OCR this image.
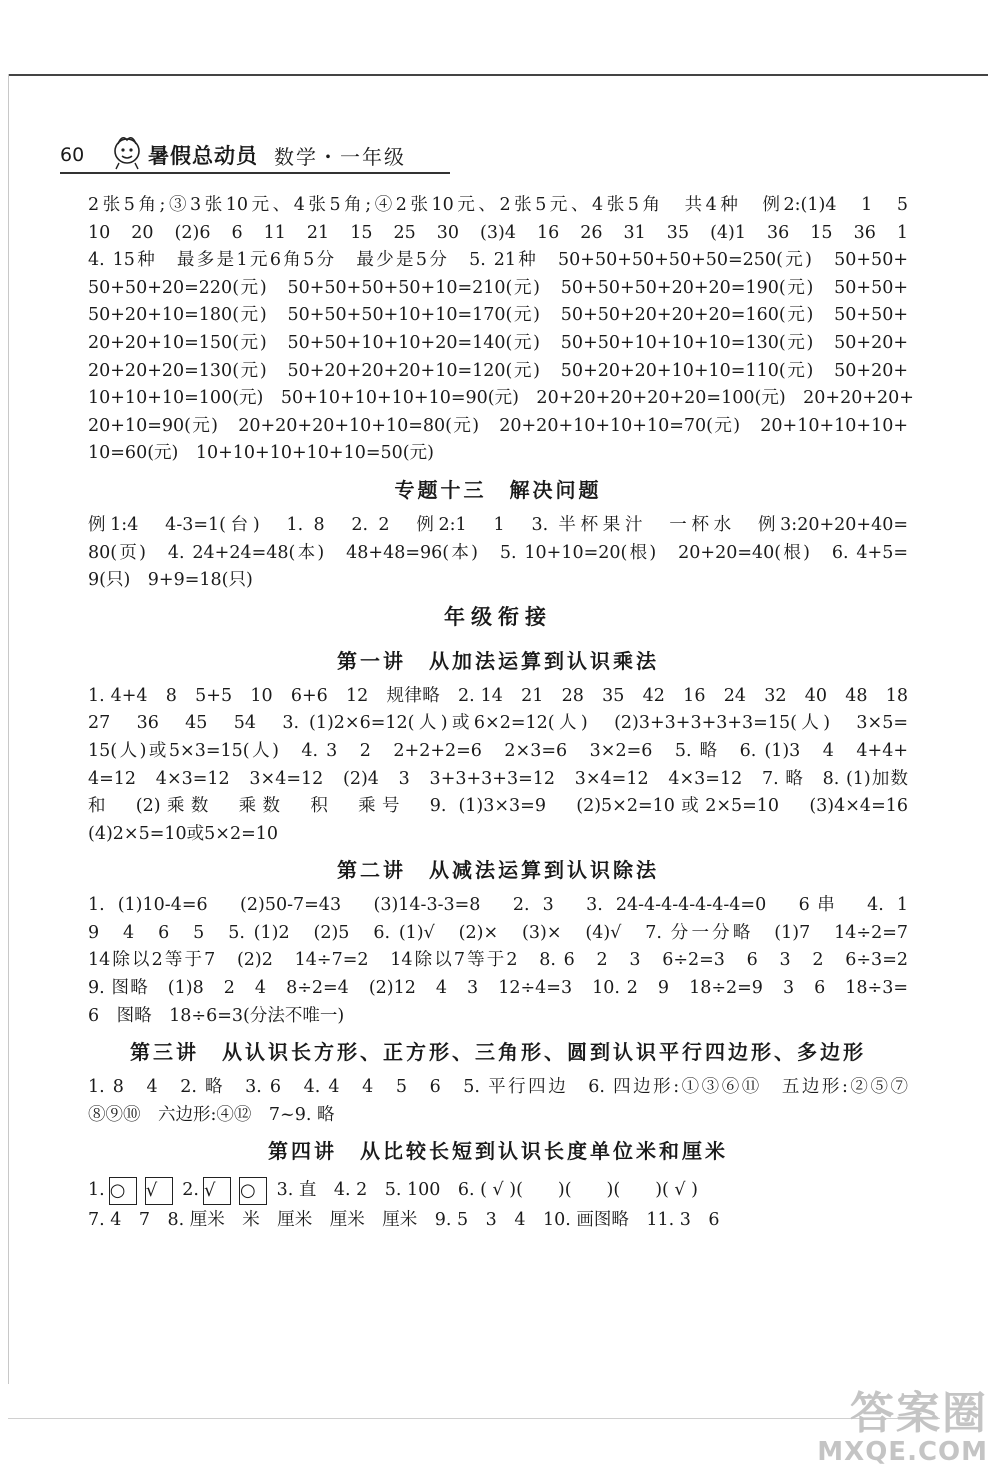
60	暑假总动员 数学・一年级

2张5角;③3张10元、4张5角;④2张10元、2张5元、4张5角　共4种　例2:(1)4　1　5

10　20　(2)6　6　11　21　15　25　30　(3)4　16　26　31　35　(4)1　36　15　36　1

4. 15种　最多是1元6角5分　最少是5分　5. 21种　50+50+50+50+50=250(元)　50+50+

50+50+20=220(元)　50+50+50+50+10=210(元)　50+50+50+20+20=190(元)　50+50+

50+20+10=180(元)　50+50+50+10+10=170(元)　50+50+20+20+20=160(元)　50+50+

20+20+10=150(元)　50+50+10+10+20=140(元)　50+50+10+10+10=130(元)　50+20+

20+20+20=130(元)　50+20+20+20+10=120(元)　50+20+20+10+10=110(元)　50+20+

10+10+10=100(元)　50+10+10+10+10=90(元)　20+20+20+20+20=100(元)　20+20+20+

20+10=90(元)　20+20+20+10+10=80(元)　20+20+10+10+10=70(元)　20+10+10+10+

10=60(元)　10+10+10+10+10=50(元)

专题十三　解决问题

例1:4　4-3=1(台)　1. 8　2. 2　例2:1　1　3. 半杯果汁　一杯水　例3:20+20+40=

80(页)　4. 24+24=48(本)　48+48=96(本)　5. 10+10=20(根)　20+20=40(根)　6. 4+5=

9(只)　9+9=18(只)

年级衔接
第一讲　从加法运算到认识乘法

1. 4+4　8　5+5　10　6+6　12　规律略　2. 14　21　28　35　42　16　24　32　40　48　18

27　36　45　54　3. (1)2×6=12(人)或6×2=12(人)　(2)3+3+3+3+3=15(人)　3×5=

15(人)或5×3=15(人)　4. 3　2　2+2+2=6　2×3=6　3×2=6　5. 略　6. (1)3　4　4+4+

4=12　4×3=12　3×4=12　(2)4　3　3+3+3+3=12　3×4=12　4×3=12　7. 略　8. (1)加数

和　(2)乘数　乘数　积　乘号　9. (1)3×3=9　(2)5×2=10或2×5=10　(3)4×4=16

(4)2×5=10或5×2=10

第二讲　从减法运算到认识除法

1. (1)10-4=6　(2)50-7=43　(3)14-3-3=8　2. 3　3. 24-4-4-4-4-4-4=0　6串　4. 1

9　4　6　5　5. (1)2　(2)5　6. (1)√　(2)×　(3)×　(4)√　7. 分一分略　(1)7　14÷2=7

14除以2等于7　(2)2　14÷7=2　14除以7等于2　8. 6　2　3　6÷2=3　6　3　2　6÷3=2

9. 图略　(1)8　2　4　8÷2=4　(2)12　4　3　12÷4=3　10. 2　9　18÷2=9　3　6　18÷3=

6　图略　18÷6=3(分法不唯一)

第三讲　从认识长方形、正方形、三角形、圆到认识平行四边形、多边形

1. 8　4　2. 略　3. 6　4. 4　4　5　6　5. 平行四边　6. 四边形:①③⑥⑪　五边形:②⑤⑦

⑧⑨⑩　六边形:④⑫　7~9. 略

第四讲　从比较长短到认识长度单位米和厘米

1. ○ √ 2. √ ○ 3. 直　4. 2　5. 100　6. ( √ )(　　)(　　)(　　)( √ )

7. 4　7　8. 厘米　米　厘米　厘米　厘米　9. 5　3　4　10. 画图略　11. 3　6

答案圈
MXQE.COM
